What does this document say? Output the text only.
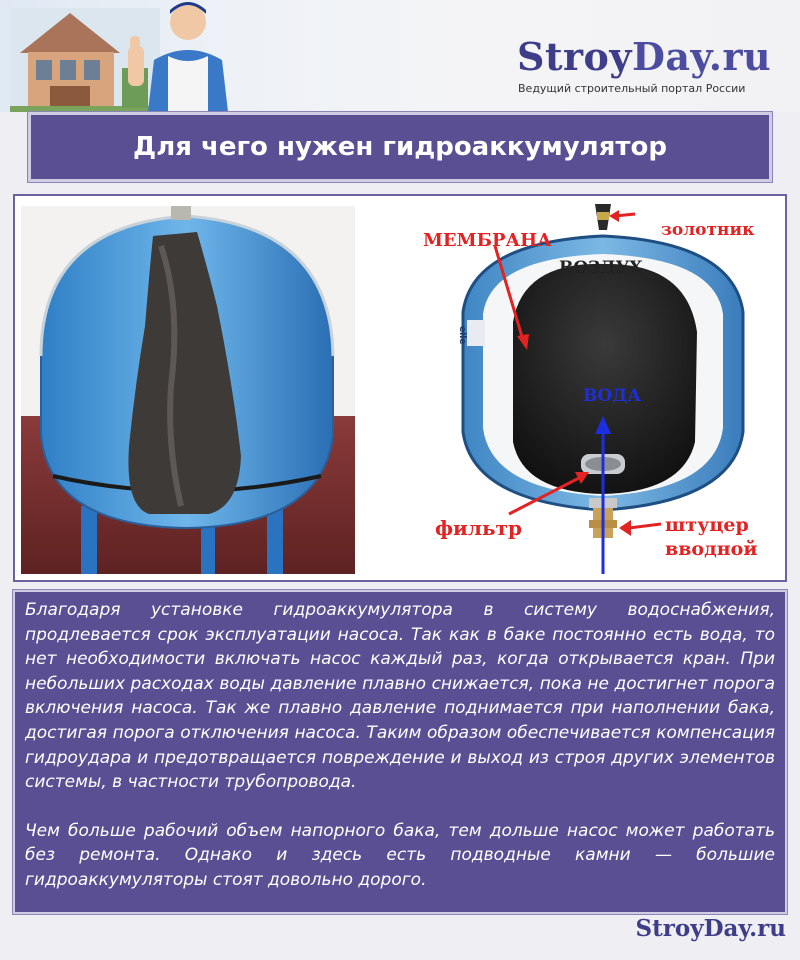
StroyDay.ru
Ведущий строительный портал России
Для чего нужен гидроаккумулятор
золотник
МЕМБРАНА
ВОЗДУХ
ВОДА
фильтр	штуцер
вводной
elle

Благодаря установке гидроаккумулятора в систему водоснабжения, продлевается срок эксплуатации насоса. Так как в баке постоянно есть вода, то нет необходимости включать насос каждый раз, когда открывается кран. При небольших расходах воды давление плавно снижается, пока не достигнет порога включения насоса. Так же плавно давление поднимается при наполнении бака, достигая порога отключения насоса. Таким образом обеспечивается компенсация гидроудара и предотвращается повреждение и выход из строя других элементов системы, в частности трубопровода.

Чем больше рабочий объем напорного бака, тем дольше насос может работать без ремонта. Однако и здесь есть подводные камни — большие гидроаккумуляторы стоят довольно дорого.

StroyDay.ru
